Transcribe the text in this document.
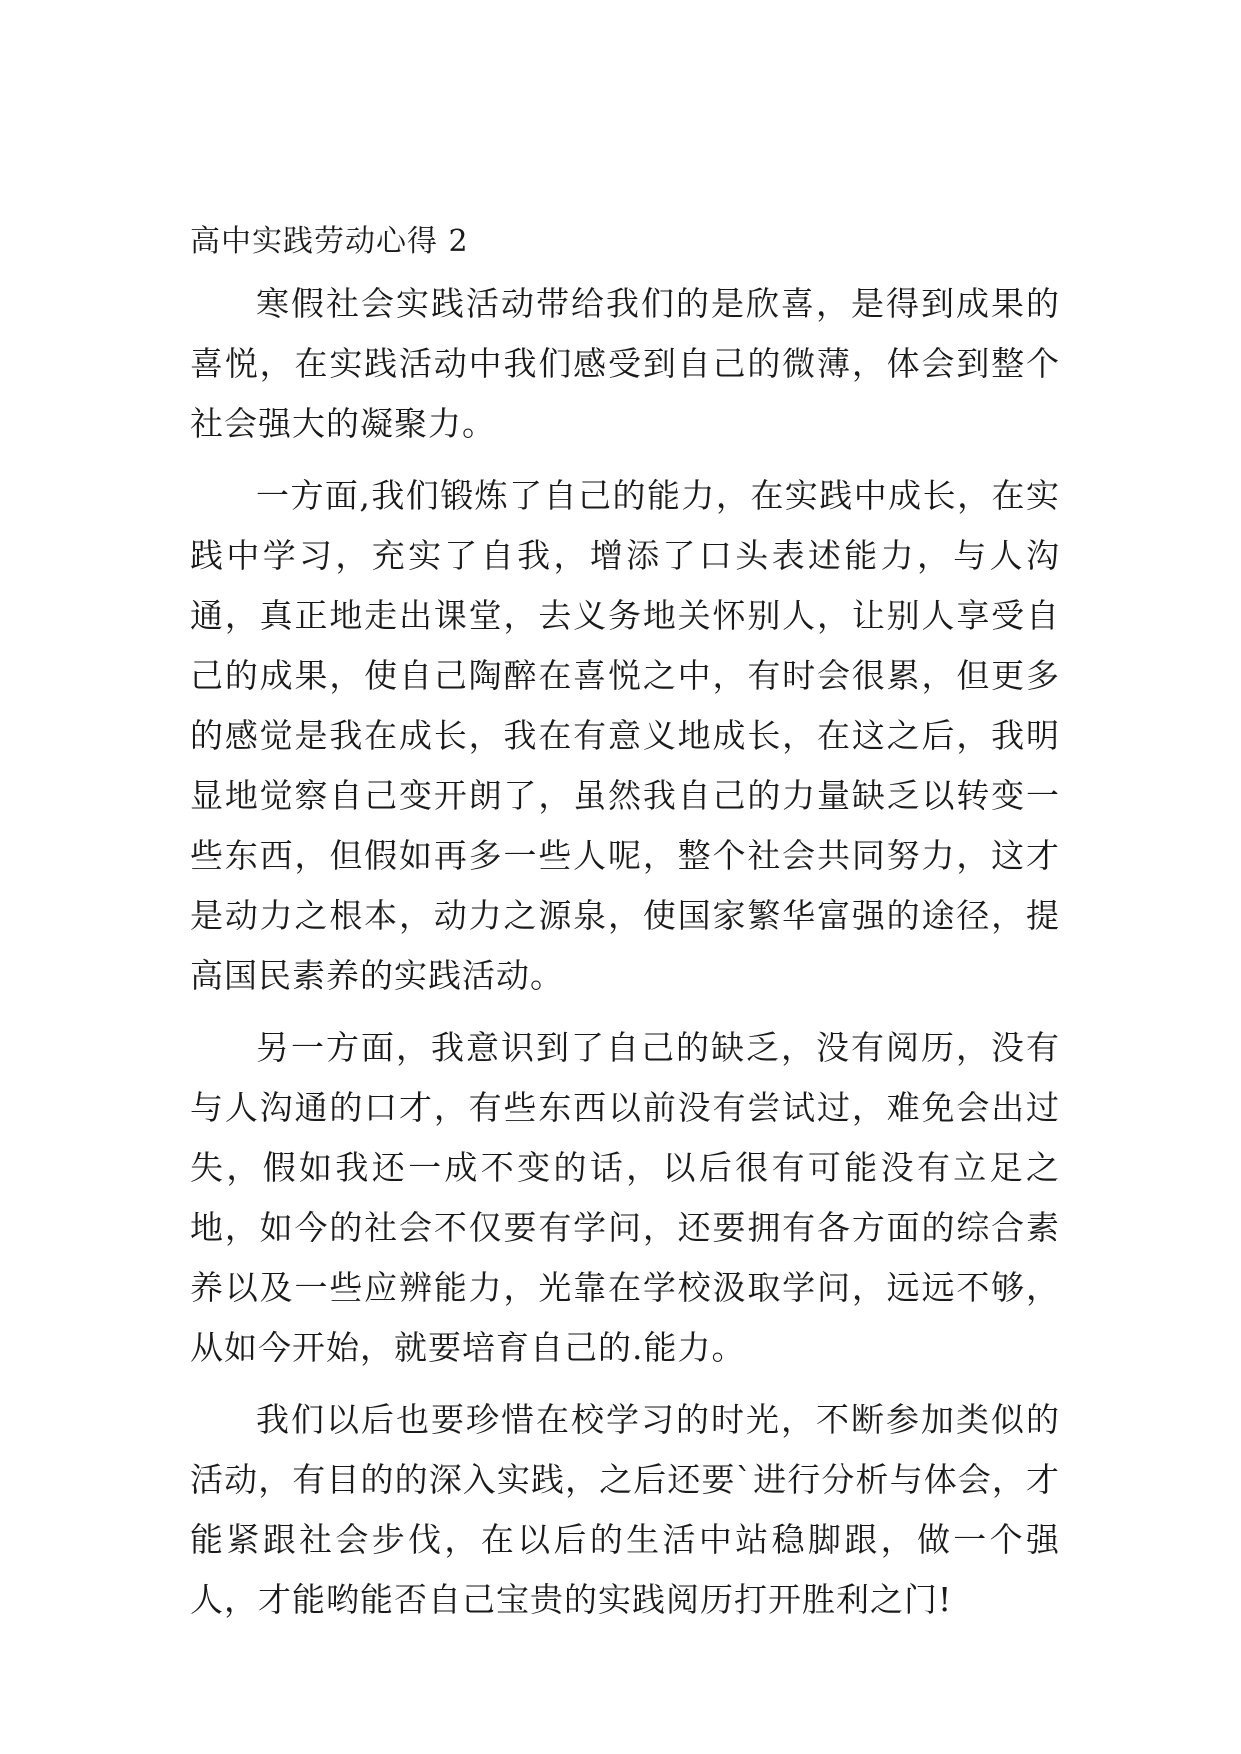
高中实践劳动心得 2

寒假社会实践活动带给我们的是欣喜，是得到成果的喜悦，在实践活动中我们感受到自己的微薄，体会到整个社会强大的凝聚力。

一方面,我们锻炼了自己的能力，在实践中成长，在实践中学习，充实了自我，增添了口头表述能力，与人沟通，真正地走出课堂，去义务地关怀别人，让别人享受自己的成果，使自己陶醉在喜悦之中，有时会很累，但更多的感觉是我在成长，我在有意义地成长，在这之后，我明显地觉察自己变开朗了，虽然我自己的力量缺乏以转变一些东西，但假如再多一些人呢，整个社会共同努力，这才是动力之根本，动力之源泉，使国家繁华富强的途径，提高国民素养的实践活动。

另一方面，我意识到了自己的缺乏，没有阅历，没有与人沟通的口才，有些东西以前没有尝试过，难免会出过失，假如我还一成不变的话，以后很有可能没有立足之地，如今的社会不仅要有学问，还要拥有各方面的综合素养以及一些应辨能力，光靠在学校汲取学问，远远不够，从如今开始，就要培育自己的.能力。

我们以后也要珍惜在校学习的时光，不断参加类似的活动，有目的的深入实践，之后还要`进行分析与体会，才能紧跟社会步伐，在以后的生活中站稳脚跟，做一个强人，才能哟能否自己宝贵的实践阅历打开胜利之门!
